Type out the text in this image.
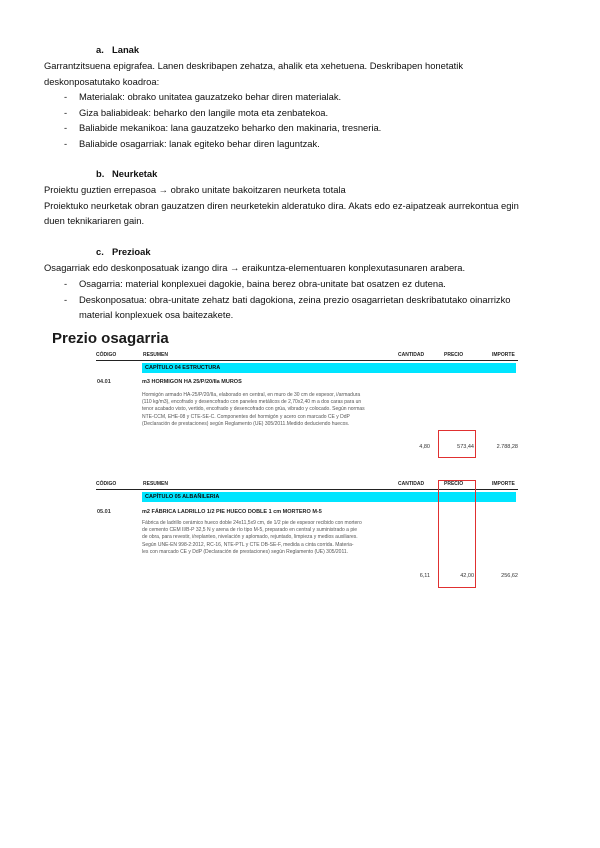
a. Lanak
Garrantzitsuena epigrafea. Lanen deskribapen zehatza, ahalik eta xehetuena. Deskribapen honetatik
deskonposatutako koadroa:
- Materialak: obrako unitatea gauzatzeko behar diren materialak.
- Giza baliabideak: beharko den langile mota eta zenbatekoa.
- Baliabide mekanikoa: lana gauzatzeko beharko den makinaria, tresneria.
- Baliabide osagarriak: lanak egiteko behar diren laguntzak.
b. Neurketak
Proiektu guztien errepasoa → obrako unitate bakoitzaren neurketa totala
Proiektuko neurketak obran gauzatzen diren neurketekin alderatuko dira. Akats edo ez-aipatzeak aurrekontua egin
duen teknikariaren gain.
c. Prezioak
Osagarriak edo deskonposatuak izango dira → eraikuntza-elementuaren konplexutasunaren arabera.
- Osagarria: material konplexuei dagokie, baina berez obra-unitate bat osatzen ez dutena.
- Deskonposatua: obra-unitate zehatz bati dagokiona, zeina prezio osagarrietan deskribatutako oinarrizko
material konplexuek osa baitezakete.
Prezio osagarria
CÓDIGO	RESUMEN	CANTIDAD	PRECIO	IMPORTE
CAPÍTULO 04 ESTRUCTURA
04.01	m3 HORMIGON HA 25/P/20/IIa MUROS
Hormigón armado HA-25/P/20/IIa, elaborado en central, en muro de 30 cm de espesor, i/armadura
(110 kg/m3), encofrado y desencofrado con paneles metálicos de 2,70x2,40 m a dos caras para un
tenor acabado visto, vertido, encofrado y desencofrado con grúa, vibrado y colocado. Según normas
NTE-CCM, EHE-08 y CTE-SE-C. Componentes del hormigón y acero con marcado CE y DdP
(Declaración de prestaciones) según Reglamento (UE) 305/2011.Medido deduciendo huecos.
4,80	573,44	2.788,28
CÓDIGO	RESUMEN	CANTIDAD	PRECIO	IMPORTE
CAPÍTULO 05 ALBAÑILERIA
05.01	m2 FÁBRICA LADRILLO 1/2 PIE HUECO DOBLE 1 cm MORTERO M-5
Fábrica de ladrillo cerámico hueco doble 24x11,5x9 cm, de 1/2 pie de espesor recibido con mortero
de cemento CEM II/B-P 32,5 N y arena de río tipo M-5, preparado en central y suministrado a pie
de obra, para revestir, i/replanteo, nivelación y aplomado, rejuntado, limpieza y medios auxiliares.
Según UNE-EN 998-2:2012, RC-16, NTE-PTL y CTE DB-SE-F, medida a cinta corrida. Materia-
les con marcado CE y DdP (Declaración de prestaciones) según Reglamento (UE) 305/2011.
6,11	42,00	256,62
